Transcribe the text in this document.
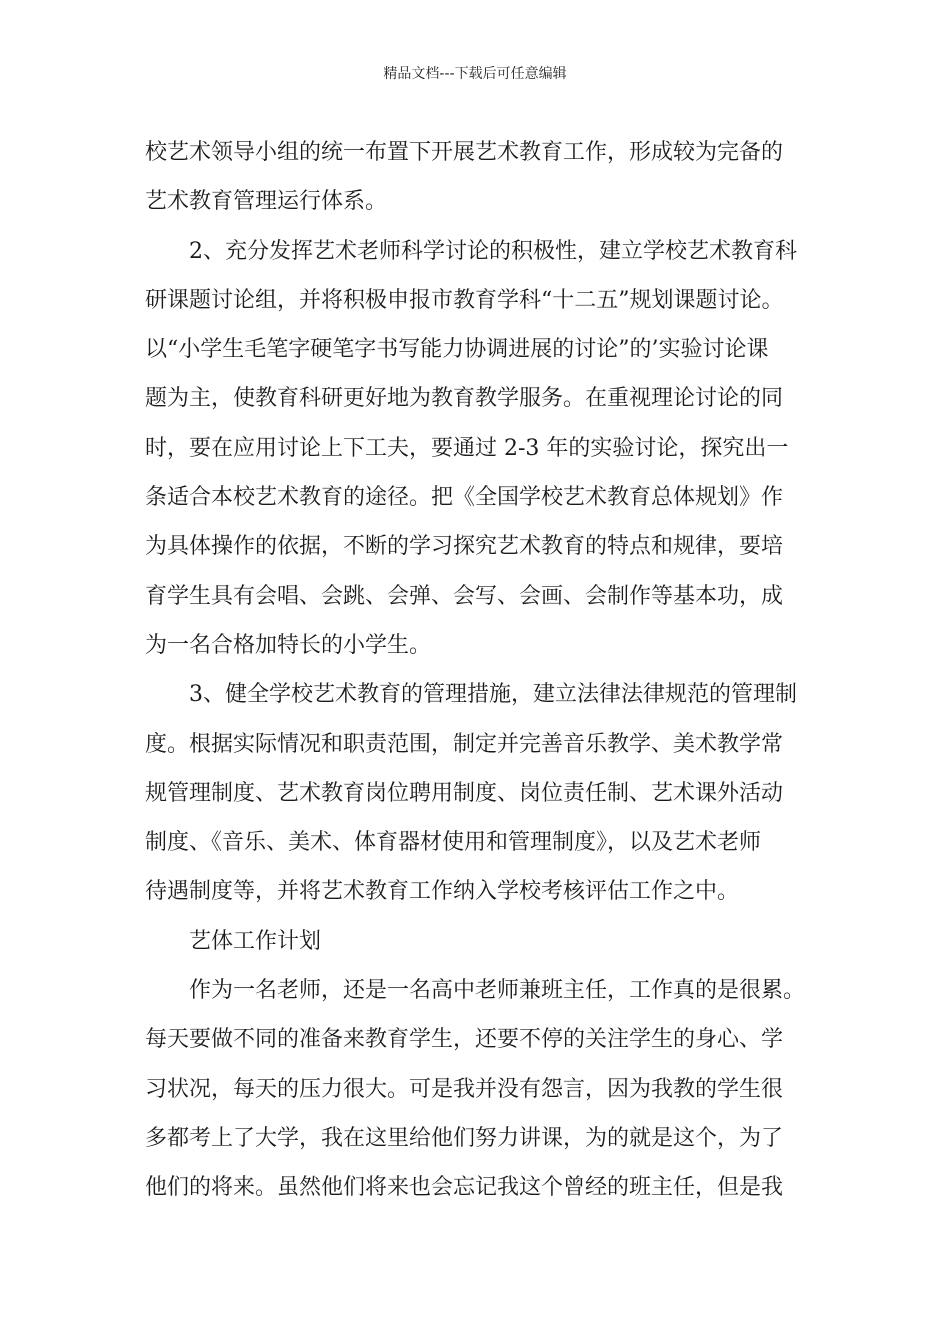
精品文档---下载后可任意编辑
校艺术领导小组的统一布置下开展艺术教育工作，形成较为完备的
艺术教育管理运行体系。
2、充分发挥艺术老师科学讨论的积极性，建立学校艺术教育科
研课题讨论组，并将积极申报市教育学科“十二五”规划课题讨论。
以“小学生毛笔字硬笔字书写能力协调进展的讨论”的’实验讨论课
题为主，使教育科研更好地为教育教学服务。在重视理论讨论的同
时，要在应用讨论上下工夫，要通过 2-3 年的实验讨论，探究出一
条适合本校艺术教育的途径。把《全国学校艺术教育总体规划》作
为具体操作的依据，不断的学习探究艺术教育的特点和规律，要培
育学生具有会唱、会跳、会弹、会写、会画、会制作等基本功，成
为一名合格加特长的小学生。
3、健全学校艺术教育的管理措施，建立法律法律规范的管理制
度。根据实际情况和职责范围，制定并完善音乐教学、美术教学常
规管理制度、艺术教育岗位聘用制度、岗位责任制、艺术课外活动
制度、《音乐、美术、体育器材使用和管理制度》，以及艺术老师
待遇制度等，并将艺术教育工作纳入学校考核评估工作之中。
艺体工作计划
作为一名老师，还是一名高中老师兼班主任，工作真的是很累。
每天要做不同的准备来教育学生，还要不停的关注学生的身心、学
习状况，每天的压力很大。可是我并没有怨言，因为我教的学生很
多都考上了大学，我在这里给他们努力讲课，为的就是这个，为了
他们的将来。虽然他们将来也会忘记我这个曾经的班主任，但是我
